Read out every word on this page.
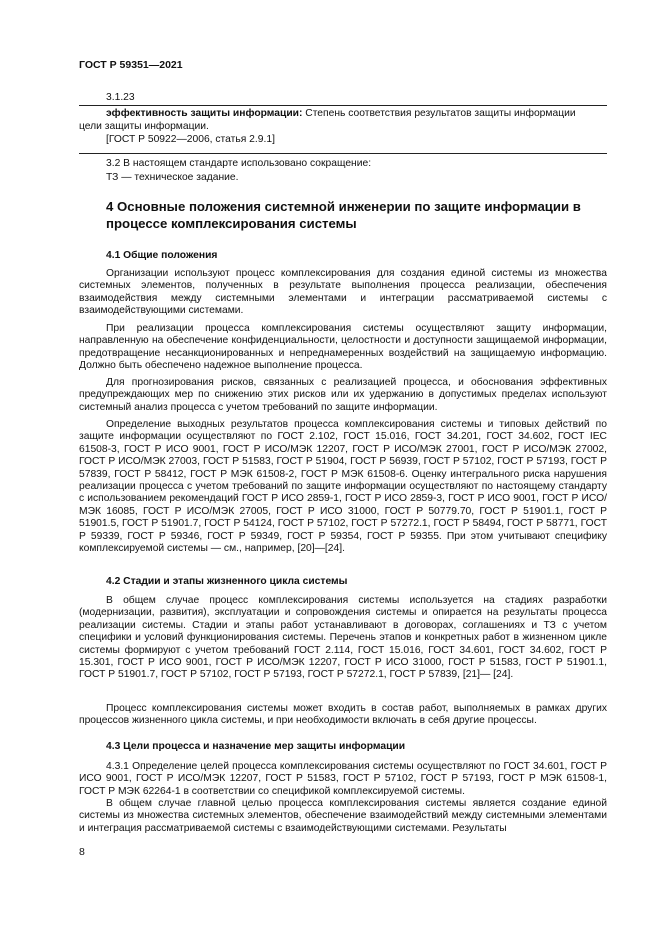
ГОСТ Р 59351—2021
3.1.23
эффективность защиты информации: Степень соответствия результатов защиты информации
цели защиты информации.
[ГОСТ Р 50922—2006, статья 2.9.1]
3.2 В настоящем стандарте использовано сокращение:
ТЗ — техническое задание.
4 Основные положения системной инженерии по защите информации в процессе комплексирования системы
4.1 Общие положения
Организации используют процесс комплексирования для создания единой системы из множества системных элементов, полученных в результате выполнения процесса реализации, обеспечения взаимодействия между системными элементами и интеграции рассматриваемой системы с взаимодействующими системами.
При реализации процесса комплексирования системы осуществляют защиту информации, направленную на обеспечение конфиденциальности, целостности и доступности защищаемой информации, предотвращение несанкционированных и непреднамеренных воздействий на защищаемую информацию. Должно быть обеспечено надежное выполнение процесса.
Для прогнозирования рисков, связанных с реализацией процесса, и обоснования эффективных предупреждающих мер по снижению этих рисков или их удержанию в допустимых пределах используют системный анализ процесса с учетом требований по защите информации.
Определение выходных результатов процесса комплексирования системы и типовых действий по защите информации осуществляют по ГОСТ 2.102, ГОСТ 15.016, ГОСТ 34.201, ГОСТ 34.602, ГОСТ IEC 61508-3, ГОСТ Р ИСО 9001, ГОСТ Р ИСО/МЭК 12207, ГОСТ Р ИСО/МЭК 27001, ГОСТ Р ИСО/МЭК 27002, ГОСТ Р ИСО/МЭК 27003, ГОСТ Р 51583, ГОСТ Р 51904, ГОСТ Р 56939, ГОСТ Р 57102, ГОСТ Р 57193, ГОСТ Р 57839, ГОСТ Р 58412, ГОСТ Р МЭК 61508-2, ГОСТ Р МЭК 61508-6. Оценку интегрального риска нарушения реализации процесса с учетом требований по защите информации осуществляют по настоящему стандарту с использованием рекомендаций ГОСТ Р ИСО 2859-1, ГОСТ Р ИСО 2859-3, ГОСТ Р ИСО 9001, ГОСТ Р ИСО/МЭК 16085, ГОСТ Р ИСО/МЭК 27005, ГОСТ Р ИСО 31000, ГОСТ Р 50779.70, ГОСТ Р 51901.1, ГОСТ Р 51901.5, ГОСТ Р 51901.7, ГОСТ Р 54124, ГОСТ Р 57102, ГОСТ Р 57272.1, ГОСТ Р 58494, ГОСТ Р 58771, ГОСТ Р 59339, ГОСТ Р 59346, ГОСТ Р 59349, ГОСТ Р 59354, ГОСТ Р 59355. При этом учитывают специфику комплексируемой системы — см., например, [20]—[24].
4.2 Стадии и этапы жизненного цикла системы
В общем случае процесс комплексирования системы используется на стадиях разработки (модернизации, развития), эксплуатации и сопровождения системы и опирается на результаты процесса реализации системы. Стадии и этапы работ устанавливают в договорах, соглашениях и ТЗ с учетом специфики и условий функционирования системы. Перечень этапов и конкретных работ в жизненном цикле системы формируют с учетом требований ГОСТ 2.114, ГОСТ 15.016, ГОСТ 34.601, ГОСТ 34.602, ГОСТ Р 15.301, ГОСТ Р ИСО 9001, ГОСТ Р ИСО/МЭК 12207, ГОСТ Р ИСО 31000, ГОСТ Р 51583, ГОСТ Р 51901.1, ГОСТ Р 51901.7, ГОСТ Р 57102, ГОСТ Р 57193, ГОСТ Р 57272.1, ГОСТ Р 57839, [21]— [24].
Процесс комплексирования системы может входить в состав работ, выполняемых в рамках других процессов жизненного цикла системы, и при необходимости включать в себя другие процессы.
4.3 Цели процесса и назначение мер защиты информации
4.3.1 Определение целей процесса комплексирования системы осуществляют по ГОСТ 34.601, ГОСТ Р ИСО 9001, ГОСТ Р ИСО/МЭК 12207, ГОСТ Р 51583, ГОСТ Р 57102, ГОСТ Р 57193, ГОСТ Р МЭК 61508-1, ГОСТ Р МЭК 62264-1 в соответствии со спецификой комплексируемой системы.
В общем случае главной целью процесса комплексирования системы является создание единой системы из множества системных элементов, обеспечение взаимодействий между системными элементами и интеграция рассматриваемой системы с взаимодействующими системами. Результаты
8
